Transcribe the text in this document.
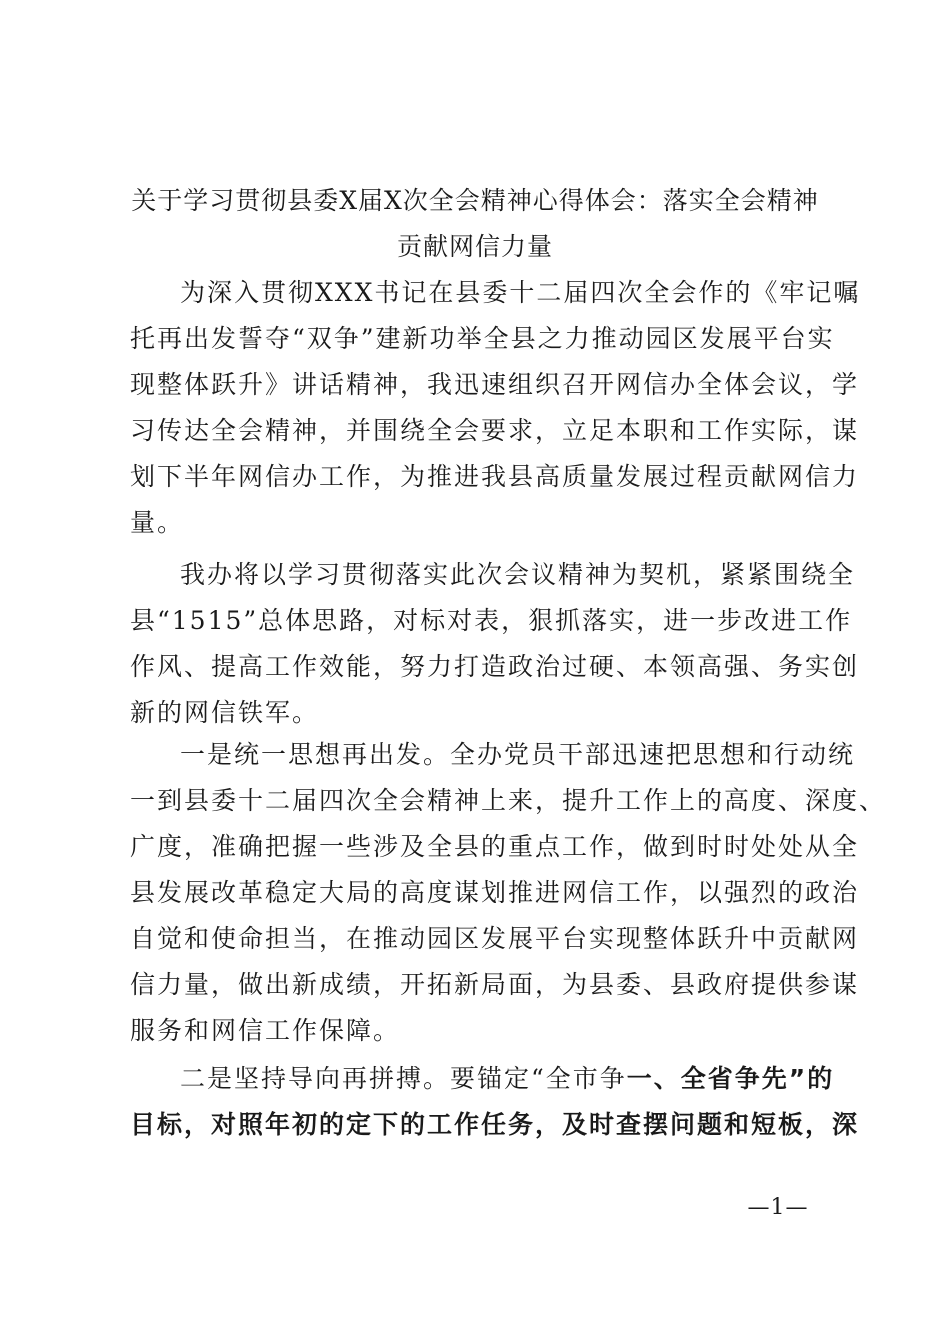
关于学习贯彻县委X届X次全会精神心得体会：落实全会精神
贡献网信力量
为深入贯彻XXX书记在县委十二届四次全会作的《牢记嘱
托再出发誓夺“双争”建新功举全县之力推动园区发展平台实
现整体跃升》讲话精神，我迅速组织召开网信办全体会议，学
习传达全会精神，并围绕全会要求，立足本职和工作实际，谋
划下半年网信办工作，为推进我县高质量发展过程贡献网信力
量。
我办将以学习贯彻落实此次会议精神为契机，紧紧围绕全
县“1515”总体思路，对标对表，狠抓落实，进一步改进工作
作风、提高工作效能，努力打造政治过硬、本领高强、务实创
新的网信铁军。
一是统一思想再出发。全办党员干部迅速把思想和行动统
一到县委十二届四次全会精神上来，提升工作上的高度、深度、
广度，准确把握一些涉及全县的重点工作，做到时时处处从全
县发展改革稳定大局的高度谋划推进网信工作，以强烈的政治
自觉和使命担当，在推动园区发展平台实现整体跃升中贡献网
信力量，做出新成绩，开拓新局面，为县委、县政府提供参谋
服务和网信工作保障。
二是坚持导向再拼搏。要锚定“全市争一、全省争先”的
目标，对照年初的定下的工作任务，及时查摆问题和短板，深
—1—
